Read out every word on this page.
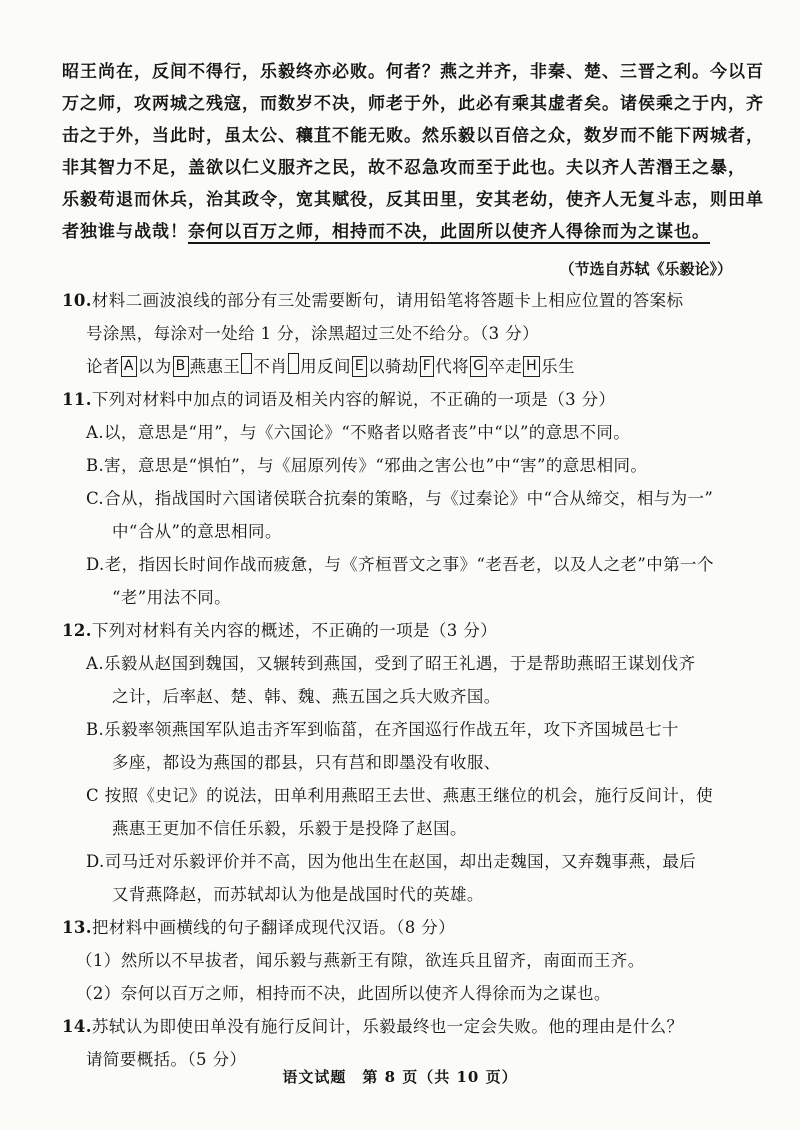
昭王尚在，反间不得行，乐毅终亦必败。何者？燕之并齐，非秦、楚、三晋之利。今以百
万之师，攻两城之残寇，而数岁不决，师老于外，此必有乘其虚者矣。诸侯乘之于内，齐
击之于外，当此时，虽太公、穰苴不能无败。然乐毅以百倍之众，数岁而不能下两城者，
非其智力不足，盖欲以仁义服齐之民，故不忍急攻而至于此也。夫以齐人苦湣王之暴，
乐毅苟退而休兵，治其政令，宽其赋役，反其田里，安其老幼，使齐人无复斗志，则田单
者独谁与战哉！奈何以百万之师，相持而不决，此固所以使齐人得徐而为之谋也。

（节选自苏轼《乐毅论》）

10.材料二画波浪线的部分有三处需要断句，请用铅笔将答题卡上相应位置的答案标
号涂黑，每涂对一处给 1 分，涂黑超过三处不给分。（3 分）
论者 A 以为 B 燕惠王 不肖 用反间 E 以骑劫 F 代将 G 卒走 H 乐生
11.下列对材料中加点的词语及相关内容的解说，不正确的一项是（3 分）
A.以，意思是“用”，与《六国论》“不赂者以赂者丧”中“以”的意思不同。
B.害，意思是“惧怕”，与《屈原列传》“邪曲之害公也”中“害”的意思相同。
C.合从，指战国时六国诸侯联合抗秦的策略，与《过秦论》中“合从缔交，相与为一”
中“合从”的意思相同。
D.老，指因长时间作战而疲惫，与《齐桓晋文之事》“老吾老，以及人之老”中第一个
“老”用法不同。
12.下列对材料有关内容的概述，不正确的一项是（3 分）
A.乐毅从赵国到魏国，又辗转到燕国，受到了昭王礼遇，于是帮助燕昭王谋划伐齐
之计，后率赵、楚、韩、魏、燕五国之兵大败齐国。
B.乐毅率领燕国军队追击齐军到临菑，在齐国巡行作战五年，攻下齐国城邑七十
多座，都设为燕国的郡县，只有莒和即墨没有收服、
C 按照《史记》的说法，田单利用燕昭王去世、燕惠王继位的机会，施行反间计，使
燕惠王更加不信任乐毅，乐毅于是投降了赵国。
D.司马迁对乐毅评价并不高，因为他出生在赵国，却出走魏国，又弃魏事燕，最后
又背燕降赵，而苏轼却认为他是战国时代的英雄。
13.把材料中画横线的句子翻译成现代汉语。（8 分）
（1）然所以不早拔者，闻乐毅与燕新王有隙，欲连兵且留齐，南面而王齐。
（2）奈何以百万之师，相持而不决，此固所以使齐人得徐而为之谋也。
14.苏轼认为即使田单没有施行反间计，乐毅最终也一定会失败。他的理由是什么？
请简要概括。（5 分）
语文试题　第 8 页（共 10 页）
